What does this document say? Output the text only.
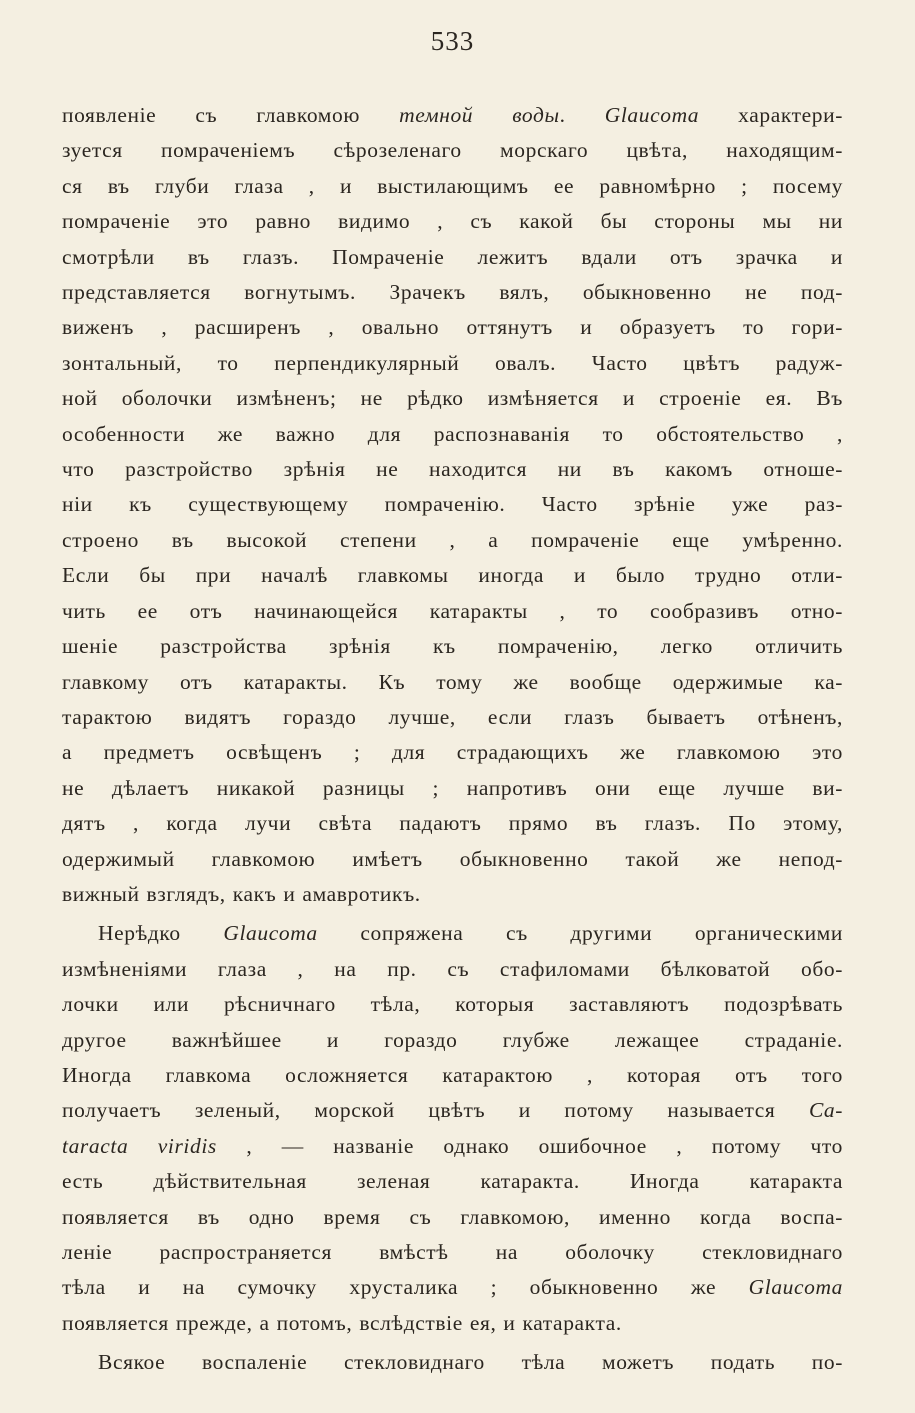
533

появленіе съ главкомою темной воды. Glaucoma характери-

зуется помраченіемъ сѣрозеленаго морскаго цвѣта, находящим-

ся въ глуби глаза , и выстилающимъ ее равномѣрно ; посему

помраченіе это равно видимо , съ какой бы стороны мы ни

смотрѣли въ глазъ. Помраченіе лежитъ вдали отъ зрачка и

представляется вогнутымъ. Зрачекъ вялъ, обыкновенно не под-

виженъ , расширенъ , овально оттянутъ и образуетъ то гори-

зонтальный, то перпендикулярный овалъ. Часто цвѣтъ радуж-

ной оболочки измѣненъ; не рѣдко измѣняется и строеніе ея. Въ

особенности же важно для распознаванія то обстоятельство ,

что разстройство зрѣнія не находится ни въ какомъ отноше-

ніи къ существующему помраченію. Часто зрѣніе уже раз-

строено въ высокой степени , а помраченіе еще умѣренно.

Если бы при началѣ главкомы иногда и было трудно отли-

чить ее отъ начинающейся катаракты , то сообразивъ отно-

шеніе разстройства зрѣнія къ помраченію, легко отличить

главкому отъ катаракты. Къ тому же вообще одержимые ка-

тарактою видятъ гораздо лучше, если глазъ бываетъ отѣненъ,

а предметъ освѣщенъ ; для страдающихъ же главкомою это

не дѣлаетъ никакой разницы ; напротивъ они еще лучше ви-

дятъ , когда лучи свѣта падаютъ прямо въ глазъ. По этому,

одержимый главкомою имѣетъ обыкновенно такой же непод-

вижный взглядъ, какъ и амавротикъ.

Нерѣдко Glaucoma сопряжена съ другими органическими

измѣненіями глаза , на пр. съ стафиломами бѣлковатой обо-

лочки или рѣсничнаго тѣла, которыя заставляютъ подозрѣвать

другое важнѣйшее и гораздо глубже лежащее страданіе.

Иногда главкома осложняется катарактою , которая отъ того

получаетъ зеленый, морской цвѣтъ и потому называется Ca-

taracta viridis , — названіе однако ошибочное , потому что

есть дѣйствительная зеленая катаракта. Иногда катаракта

появляется въ одно время съ главкомою, именно когда воспа-

леніе распространяется вмѣстѣ на оболочку стекловиднаго

тѣла и на сумочку хрусталика ; обыкновенно же Glaucoma

появляется прежде, а потомъ, вслѣдствіе ея, и катаракта.

Всякое воспаленіе стекловиднаго тѣла можетъ подать по-
